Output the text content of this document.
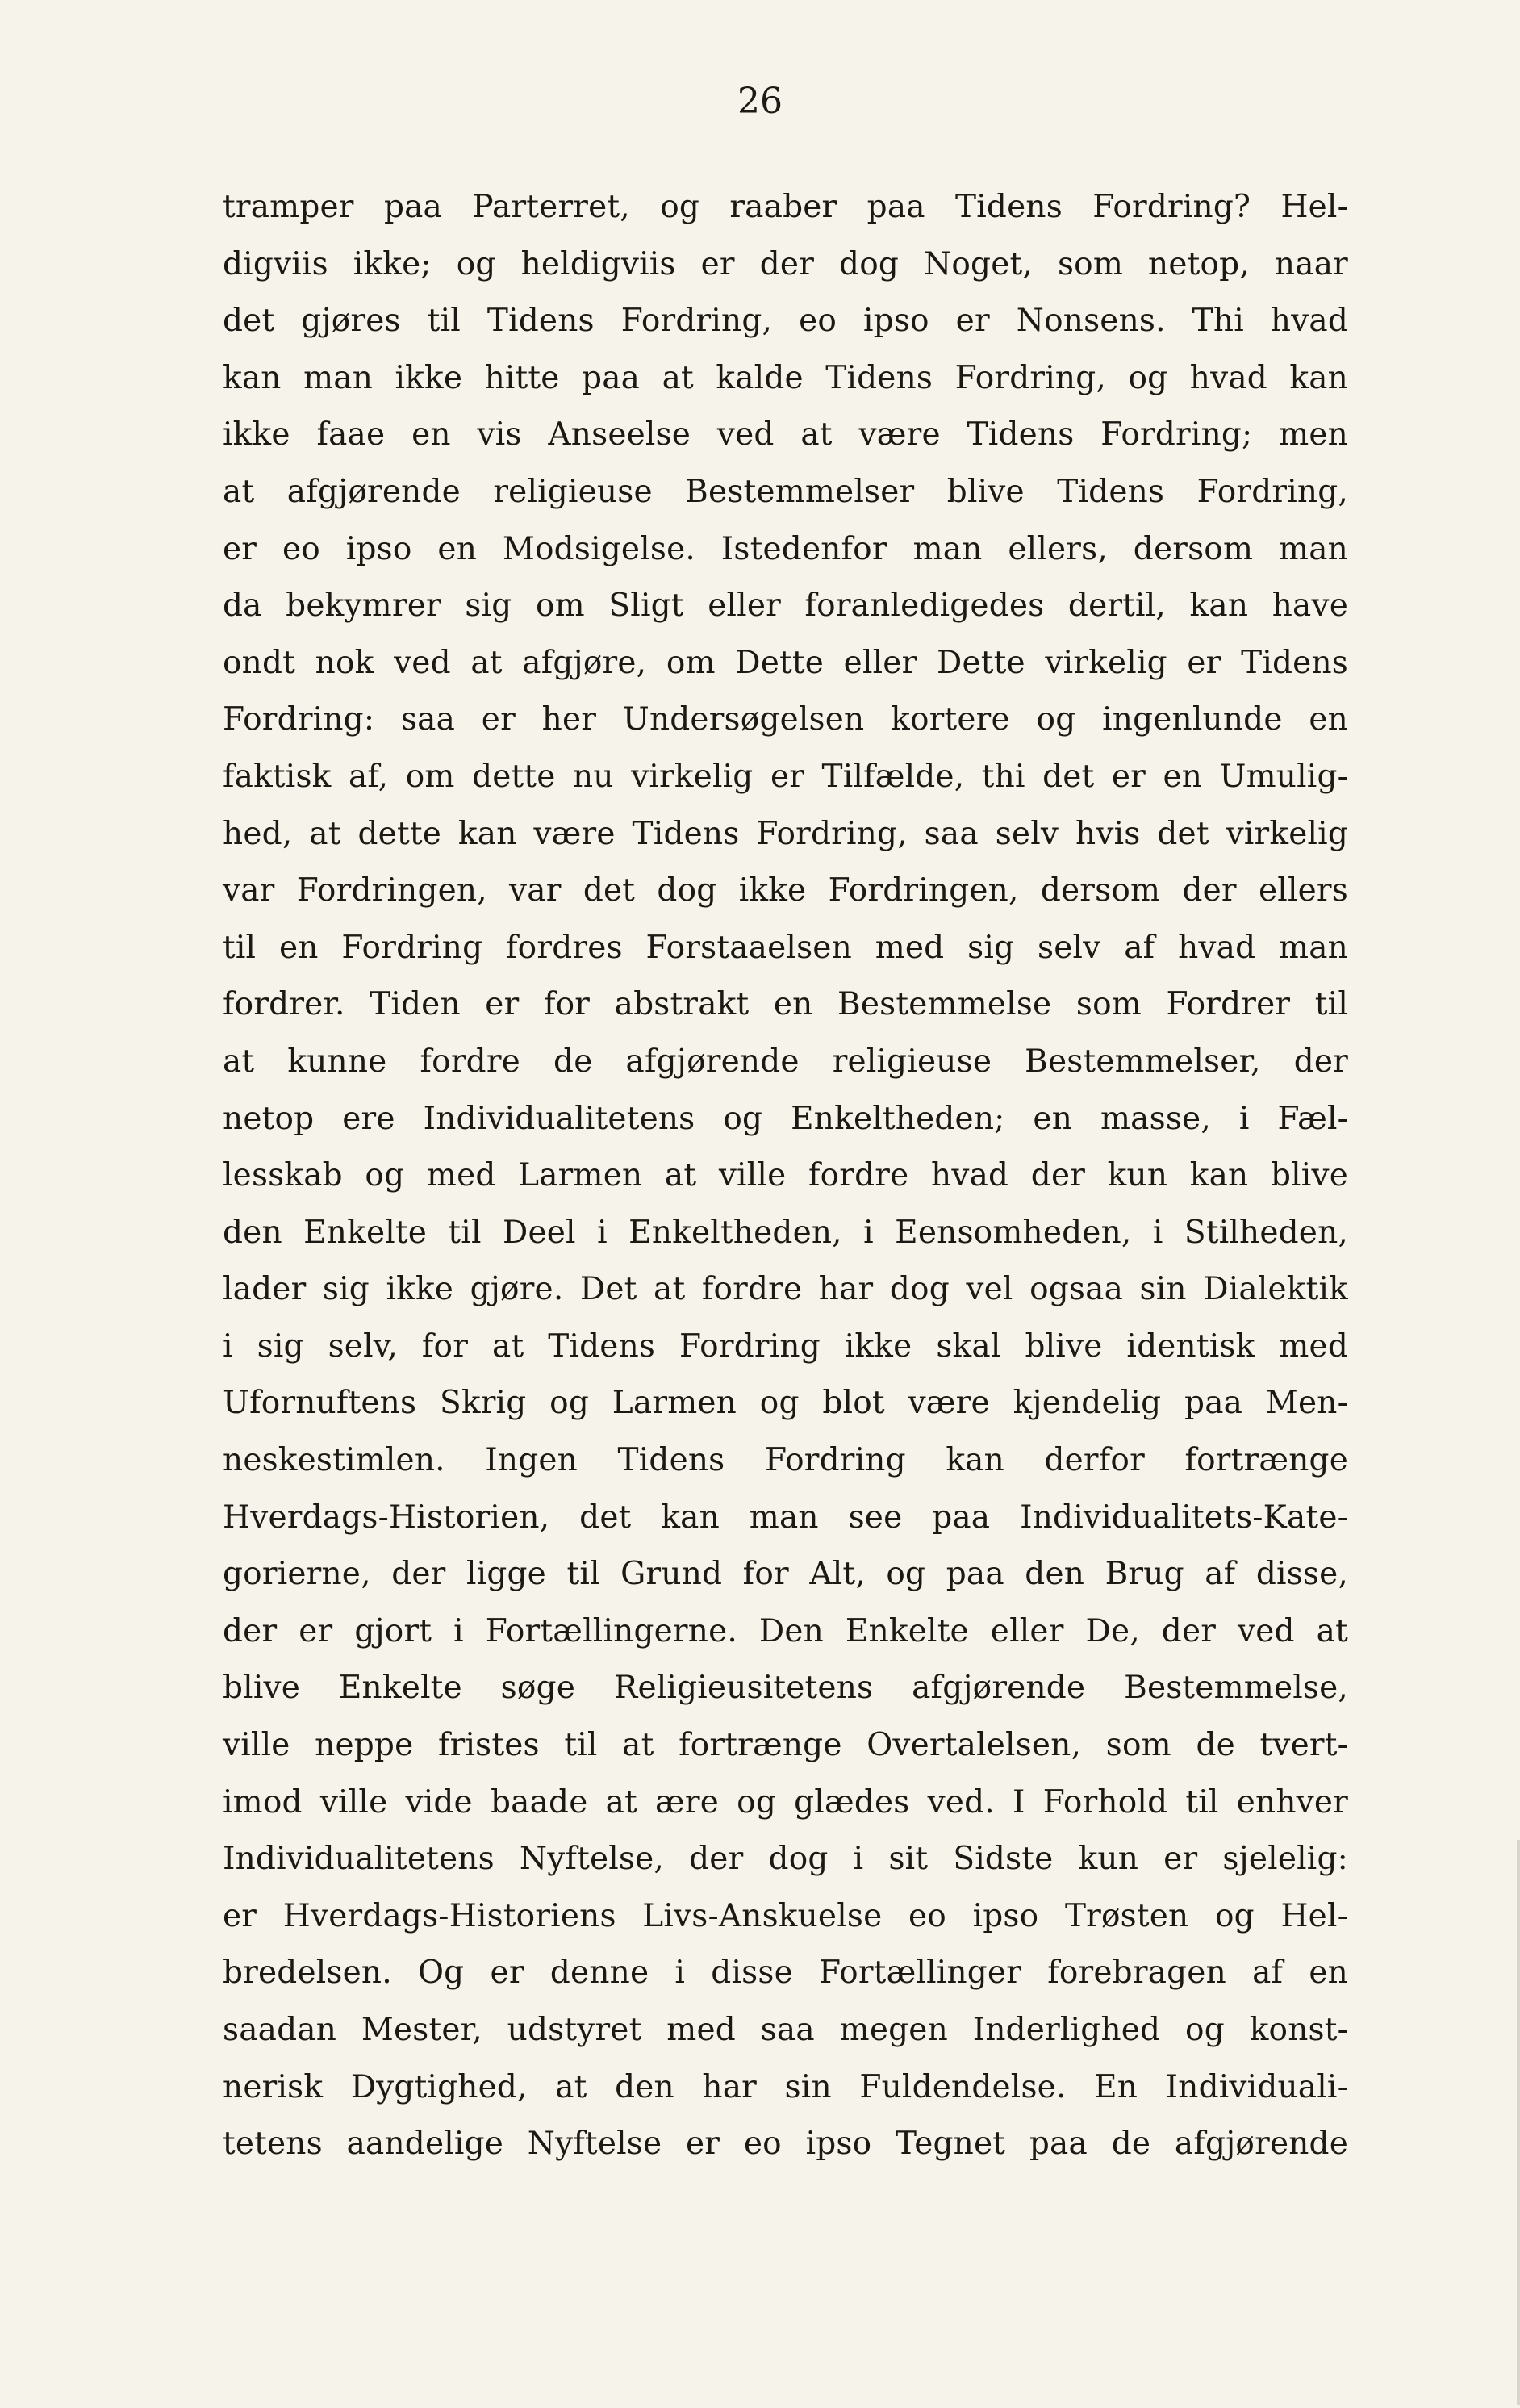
26
tramper paa Parterret, og raaber paa Tidens Fordring? Hel-
digviis ikke; og heldigviis er der dog Noget, som netop, naar
det gjøres til Tidens Fordring, eo ipso er Nonsens. Thi hvad
kan man ikke hitte paa at kalde Tidens Fordring, og hvad kan
ikke faae en vis Anseelse ved at være Tidens Fordring; men
at afgjørende religieuse Bestemmelser blive Tidens Fordring,
er eo ipso en Modsigelse. Istedenfor man ellers, dersom man
da bekymrer sig om Sligt eller foranledigedes dertil, kan have
ondt nok ved at afgjøre, om Dette eller Dette virkelig er Tidens
Fordring: saa er her Undersøgelsen kortere og ingenlunde en
faktisk af, om dette nu virkelig er Tilfælde, thi det er en Umulig-
hed, at dette kan være Tidens Fordring, saa selv hvis det virkelig
var Fordringen, var det dog ikke Fordringen, dersom der ellers
til en Fordring fordres Forstaaelsen med sig selv af hvad man
fordrer. Tiden er for abstrakt en Bestemmelse som Fordrer til
at kunne fordre de afgjørende religieuse Bestemmelser, der
netop ere Individualitetens og Enkeltheden; en masse, i Fæl-
lesskab og med Larmen at ville fordre hvad der kun kan blive
den Enkelte til Deel i Enkeltheden, i Eensomheden, i Stilheden,
lader sig ikke gjøre. Det at fordre har dog vel ogsaa sin Dialektik
i sig selv, for at Tidens Fordring ikke skal blive identisk med
Ufornuftens Skrig og Larmen og blot være kjendelig paa Men-
neskestimlen. Ingen Tidens Fordring kan derfor fortrænge
Hverdags-Historien, det kan man see paa Individualitets-Kate-
gorierne, der ligge til Grund for Alt, og paa den Brug af disse,
der er gjort i Fortællingerne. Den Enkelte eller De, der ved at
blive Enkelte søge Religieusitetens afgjørende Bestemmelse,
ville neppe fristes til at fortrænge Overtalelsen, som de tvert-
imod ville vide baade at ære og glædes ved. I Forhold til enhver
Individualitetens Nyftelse, der dog i sit Sidste kun er sjelelig:
er Hverdags-Historiens Livs-Anskuelse eo ipso Trøsten og Hel-
bredelsen. Og er denne i disse Fortællinger forebragen af en
saadan Mester, udstyret med saa megen Inderlighed og konst-
nerisk Dygtighed, at den har sin Fuldendelse. En Individuali-
tetens aandelige Nyftelse er eo ipso Tegnet paa de afgjørende
